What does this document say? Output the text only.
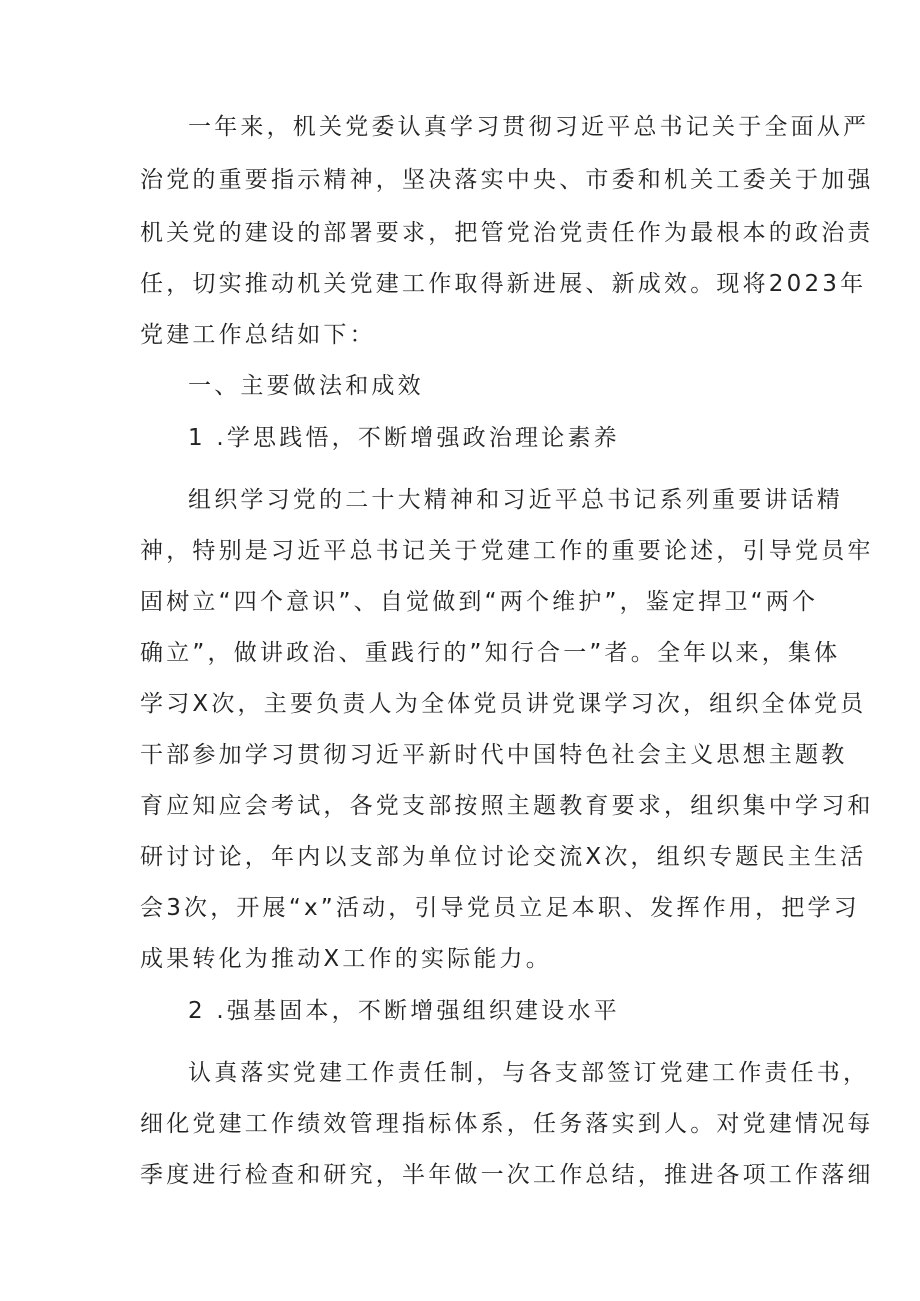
一年来，机关党委认真学习贯彻习近平总书记关于全面从严
治党的重要指示精神，坚决落实中央、市委和机关工委关于加强
机关党的建设的部署要求，把管党治党责任作为最根本的政治责
任，切实推动机关党建工作取得新进展、新成效。现将2023年
党建工作总结如下：
一、主要做法和成效
1 .学思践悟，不断增强政治理论素养
组织学习党的二十大精神和习近平总书记系列重要讲话精
神，特别是习近平总书记关于党建工作的重要论述，引导党员牢
固树立“四个意识”、自觉做到“两个维护”，鉴定捍卫“两个
确立”，做讲政治、重践行的”知行合一”者。全年以来，集体
学习X次，主要负责人为全体党员讲党课学习次，组织全体党员
干部参加学习贯彻习近平新时代中国特色社会主义思想主题教
育应知应会考试，各党支部按照主题教育要求，组织集中学习和
研讨讨论，年内以支部为单位讨论交流X次，组织专题民主生活
会3次，开展“x”活动，引导党员立足本职、发挥作用，把学习
成果转化为推动X工作的实际能力。
2 .强基固本，不断增强组织建设水平
认真落实党建工作责任制，与各支部签订党建工作责任书，
细化党建工作绩效管理指标体系，任务落实到人。对党建情况每
季度进行检查和研究，半年做一次工作总结，推进各项工作落细
